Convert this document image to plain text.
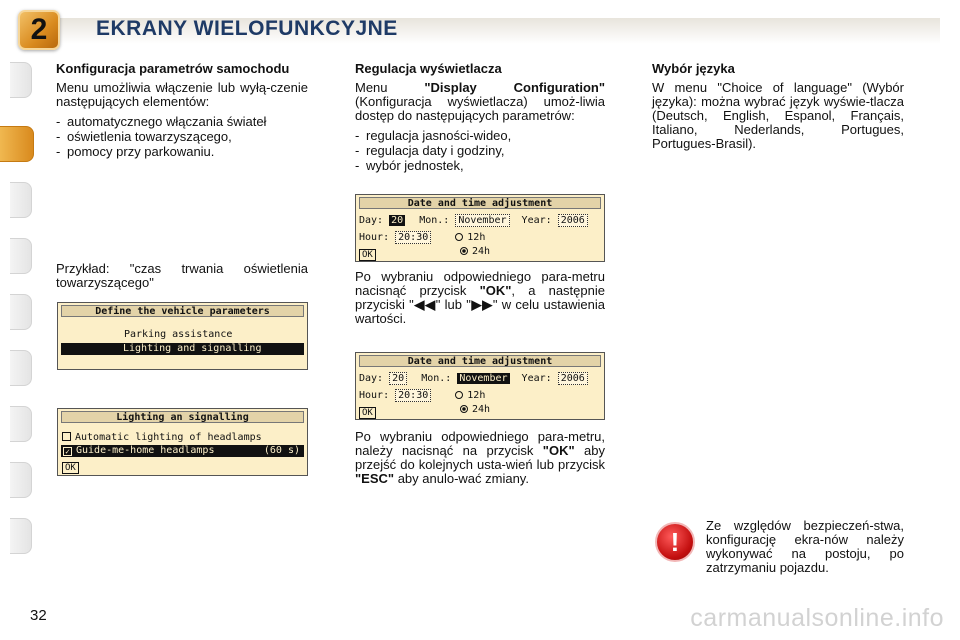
2	EKRANY WIELOFUNKCYJNE
Konfiguracja parametrów samochodu
Menu umożliwia włączenie lub wyłą-czenie następujących elementów:
- automatycznego włączania świateł
- oświetlenia towarzyszącego,
- pomocy przy parkowaniu.
Przykład: "czas trwania oświetlenia towarzyszącego"
Define the vehicle parameters
Parking assistance
Lighting and signalling
Lighting an signalling
Automatic lighting of headlamps
✓ Guide-me-home headlamps	(60 s)
OK
Regulacja wyświetlacza
Menu	"Display Configuration" (Konfiguracja wyświetlacza) umoż-liwia dostęp do następujących parametrów:
- regulacja jasności-wideo,
- regulacja daty i godziny,
- wybór jednostek,
Po wybraniu odpowiedniego para-metru nacisnąć przycisk "OK", a następnie przyciski "◀◀" lub "▶▶" w celu ustawienia wartości.
Po wybraniu odpowiedniego para-metru, należy nacisnąć na przycisk "OK" aby przejść do kolejnych usta-wień lub przycisk "ESC" aby anulo-wać zmiany.
Date and time adjustment
Day: 20 Mon.: November Year: 2006
Hour: 20:30	12h
24h
OK
Date and time adjustment
Day: 20 Mon.: November Year: 2006
Hour: 20:30	12h
24h
OK
Wybór języka
W menu "Choice of language" (Wybór języka): można wybrać język wyświe-tlacza (Deutsch, English, Espanol, Français, Italiano, Nederlands, Portugues, Portugues-Brasil).
!
Ze względów bezpieczeń-stwa, konfigurację ekra-nów należy wykonywać na postoju, po zatrzymaniu pojazdu.
32	carmanualsonline.info
